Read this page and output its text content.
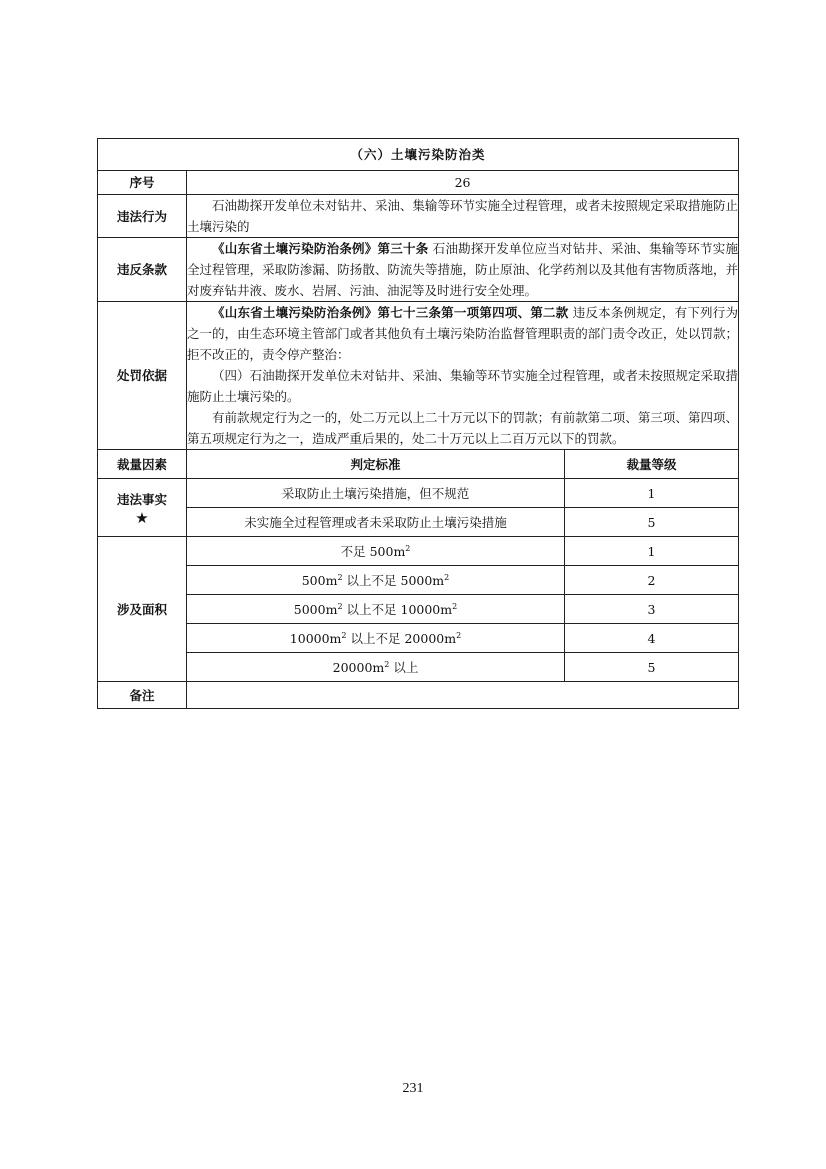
（六）土壤污染防治类		
序号	26	
违法行为	石油勘探开发单位未对钻井、采油、集输等环节实施全过程管理，或者未按照规定采取措施防止土壤污染的	

违反条款	《山东省土壤污染防治条例》第三十条 石油勘探开发单位应当对钻井、采油、集输等环节实施全过程管理，采取防渗漏、防扬散、防流失等措施，防止原油、化学药剂以及其他有害物质落地，并对废弃钻井液、废水、岩屑、污油、油泥等及时进行安全处理。	

处罚依据	《山东省土壤污染防治条例》第七十三条第一项第四项、第二款 违反本条例规定，有下列行为之一的，由生态环境主管部门或者其他负有土壤污染防治监督管理职责的部门责令改正，处以罚款；拒不改正的，责令停产整治：

（四）石油勘探开发单位未对钻井、采油、集输等环节实施全过程管理，或者未按照规定采取措施防止土壤污染的。

有前款规定行为之一的，处二万元以上二十万元以下的罚款；有前款第二项、第三项、第四项、第五项规定行为之一，造成严重后果的，处二十万元以上二百万元以下的罚款。	

裁量因素	判定标准	裁量等级

违法事实
★	采取防止土壤污染措施，但不规范	1
	未实施全过程管理或者未采取防止土壤污染措施	5
涉及面积	不足 $500m^2$	1
	$500m^2$ 以上不足 $5000m^2$	2
	$5000m^2$ 以上不足 $10000m^2$	3
	$10000m^2$ 以上不足 $20000m^2$	4
	$20000m^2$ 以上	5
备注		
231
